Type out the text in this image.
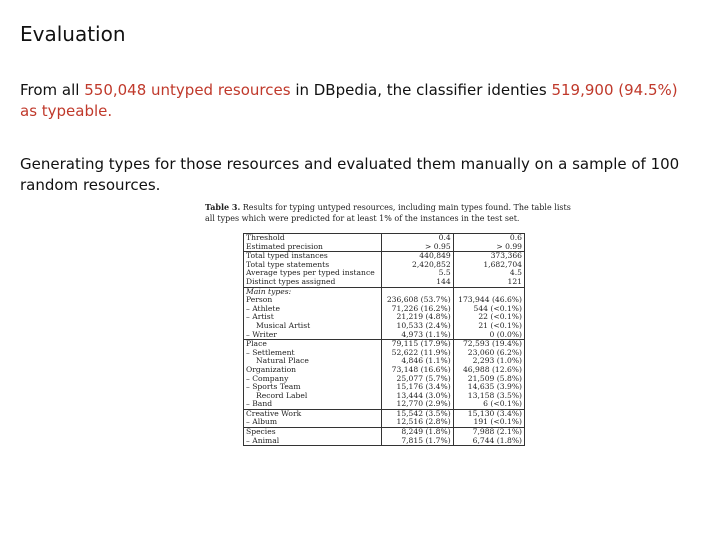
Evaluation
From all 550,048 untyped resources in DBpedia, the classifier identies 519,900 (94.5%) as typeable.
Generating types for those resources and evaluated them manually on a sample of 100 random resources.
Table 3. Results for typing untyped resources, including main types found. The table lists all types which were predicted for at least 1% of the instances in the test set.
Threshold	0.4	0.6
Estimated precision	> 0.95	> 0.99
Total typed instances	440,849	373,366
Total type statements	2,420,852	1,682,704
Average types per typed instance	5.5	4.5
Distinct types assigned	144	121
Main types:		
Person	236,608 (53.7%)	173,944 (46.6%)
– Athlete	71,226 (16.2%)	544 (<0.1%)
– Artist	21,219 (4.8%)	22 (<0.1%)
Musical Artist	10,533 (2.4%)	21 (<0.1%)
– Writer	4,973 (1.1%)	0 (0.0%)
Place	79,115 (17.9%)	72,593 (19.4%)
– Settlement	52,622 (11.9%)	23,060 (6.2%)
Natural Place	4,846 (1.1%)	2,293 (1.0%)
Organization	73,148 (16.6%)	46,988 (12.6%)
– Company	25,077 (5.7%)	21,509 (5.8%)
– Sports Team	15,176 (3.4%)	14,635 (3.9%)
Record Label	13,444 (3.0%)	13,158 (3.5%)
– Band	12,770 (2.9%)	6 (<0.1%)
Creative Work	15,542 (3.5%)	15,130 (3.4%)
– Album	12,516 (2.8%)	191 (<0.1%)
Species	8,249 (1.8%)	7,988 (2.1%)
– Animal	7,815 (1.7%)	6,744 (1.8%)
